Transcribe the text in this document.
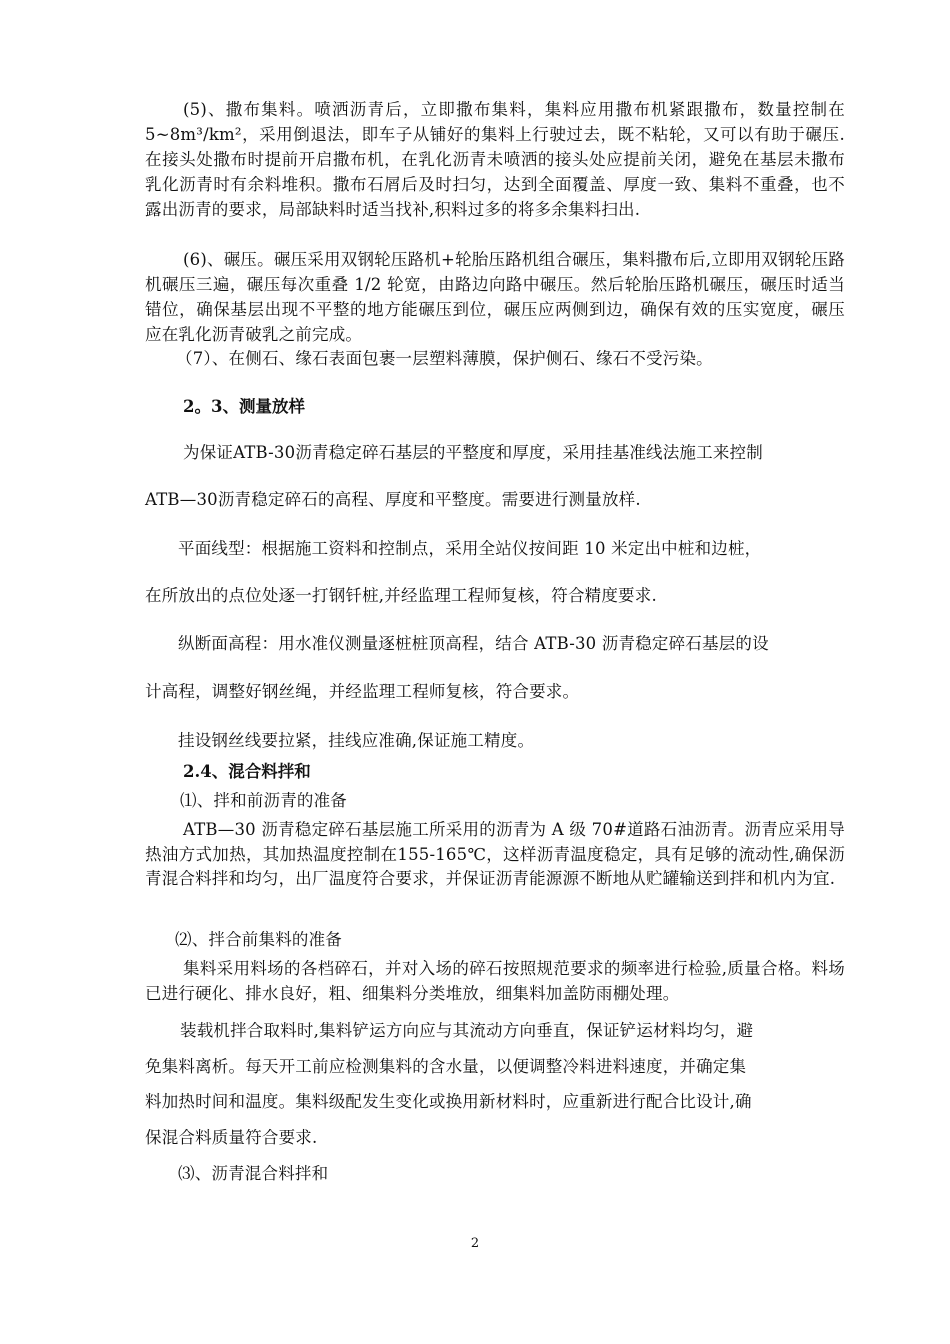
(5)、撒布集料。喷洒沥青后，立即撒布集料，集料应用撒布机紧跟撒布，数量控制在 5~8m³/km²，采用倒退法，即车子从铺好的集料上行驶过去，既不粘轮，又可以有助于碾压.在接头处撒布时提前开启撒布机，在乳化沥青未喷洒的接头处应提前关闭，避免在基层未撒布乳化沥青时有余料堆积。撒布石屑后及时扫匀，达到全面覆盖、厚度一致、集料不重叠，也不露出沥青的要求，局部缺料时适当找补,积料过多的将多余集料扫出.

(6)、碾压。碾压采用双钢轮压路机+轮胎压路机组合碾压，集料撒布后,立即用双钢轮压路机碾压三遍，碾压每次重叠 1/2 轮宽，由路边向路中碾压。然后轮胎压路机碾压，碾压时适当错位，确保基层出现不平整的地方能碾压到位，碾压应两侧到边，确保有效的压实宽度，碾压应在乳化沥青破乳之前完成。

（7）、在侧石、缘石表面包裹一层塑料薄膜，保护侧石、缘石不受污染。

2。3、测量放样

为保证ATB-30沥青稳定碎石基层的平整度和厚度，采用挂基准线法施工来控制

ATB—30沥青稳定碎石的高程、厚度和平整度。需要进行测量放样.

平面线型：根据施工资料和控制点，采用全站仪按间距 10 米定出中桩和边桩，

在所放出的点位处逐一打钢钎桩,并经监理工程师复核，符合精度要求.

纵断面高程：用水准仪测量逐桩桩顶高程，结合 ATB-30 沥青稳定碎石基层的设

计高程，调整好钢丝绳，并经监理工程师复核，符合要求。

挂设钢丝线要拉紧，挂线应准确,保证施工精度。

2.4、混合料拌和

⑴、拌和前沥青的准备

ATB—30 沥青稳定碎石基层施工所采用的沥青为 A 级 70#道路石油沥青。沥青应采用导热油方式加热，其加热温度控制在155-165℃，这样沥青温度稳定，具有足够的流动性,确保沥青混合料拌和均匀，出厂温度符合要求，并保证沥青能源源不断地从贮罐输送到拌和机内为宜.

⑵、拌合前集料的准备

集料采用料场的各档碎石，并对入场的碎石按照规范要求的频率进行检验,质量合格。料场已进行硬化、排水良好，粗、细集料分类堆放，细集料加盖防雨棚处理。

装载机拌合取料时,集料铲运方向应与其流动方向垂直，保证铲运材料均匀，避

免集料离析。每天开工前应检测集料的含水量，以便调整冷料进料速度，并确定集

料加热时间和温度。集料级配发生变化或换用新材料时，应重新进行配合比设计,确

保混合料质量符合要求.

⑶、沥青混合料拌和

2
